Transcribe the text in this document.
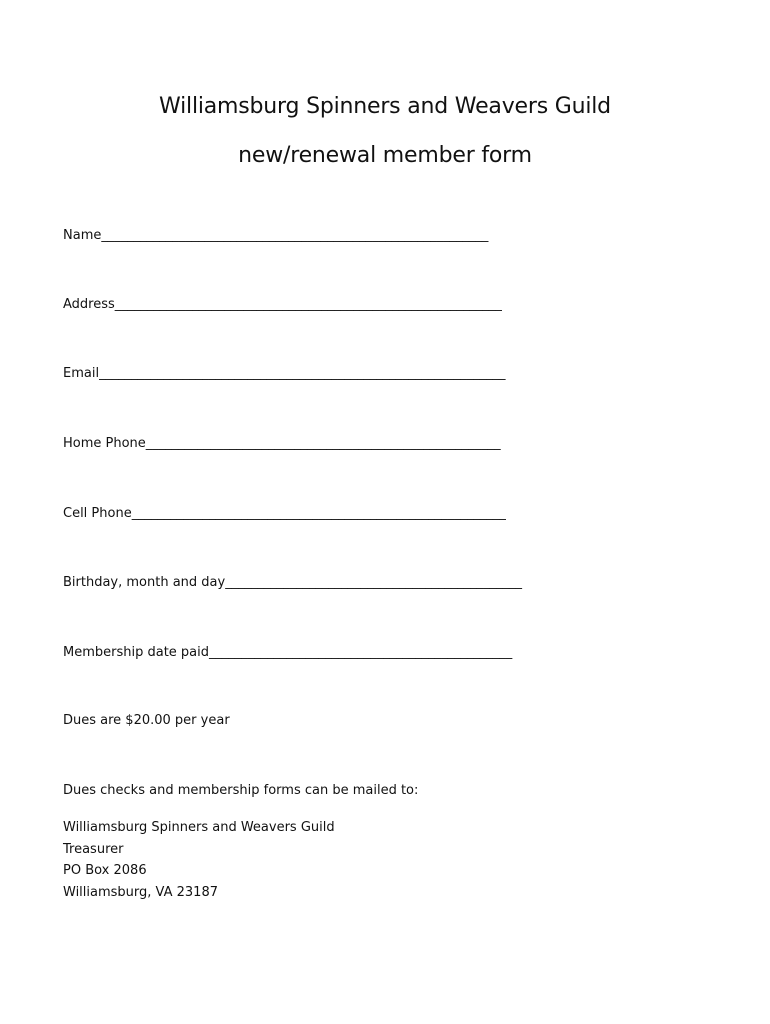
Williamsburg Spinners and Weavers Guild
new/renewal member form
Name____________________________________________________________
Address____________________________________________________________
Email_______________________________________________________________
Home Phone_______________________________________________________
Cell Phone__________________________________________________________
Birthday, month and day______________________________________________
Membership date paid_______________________________________________
Dues are $20.00 per year
Dues checks and membership forms can be mailed to:
Williamsburg Spinners and Weavers Guild
Treasurer
PO Box 2086
Williamsburg, VA 23187
